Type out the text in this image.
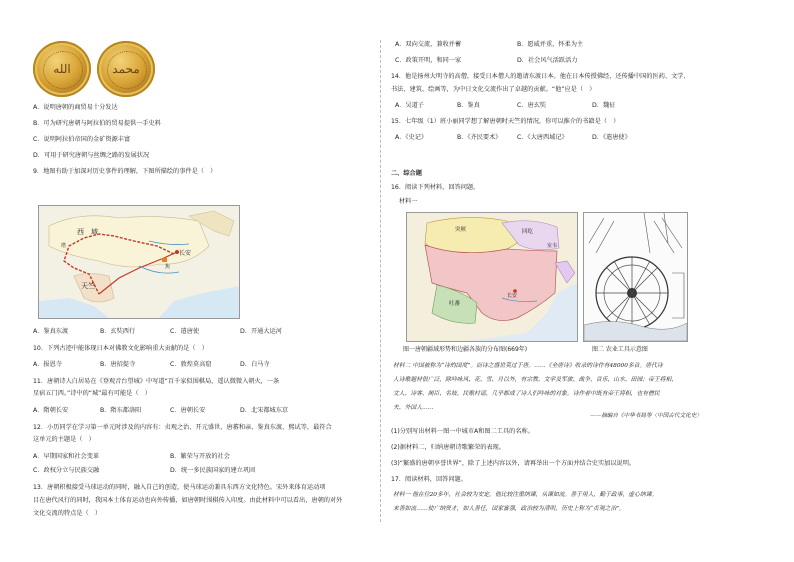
الله	محمد
A．说明唐朝的商贸易十分发达
B．可为研究唐朝与阿拉伯的贸易提供一手史料
C．说明阿拉伯帝国的金矿资源丰富
D．可用于研究唐朝与丝绸之路的发展状况
9．地图有助于加深对历史事件的理解，下图所描绘的事件是（　）
西　域
长安
天竺
塔
焦
A．鉴真东渡	B．玄奘西行	C．遣唐使	D．开通大运河
10．下列古迹中能体现日本对佛教文化影响重大贡献的是（　）
A．报恩寺	B．唐招提寺	C．敦煌莫高窟	D．白马寺
11．唐朝诗人白居易在《登观音台望城》中写道“百千家似围棋局，遥认微微入朝火，一条
星宿五门西。”诗中的“城”最有可能是（　）
A．隋朝长安	B．隋东都洛阳	C．唐朝长安	D．北宋都城东京
12．小历同学在学习第一单元时涉及的内容有：贞观之治、开元盛世、唐蕃和亲、鉴真东渡、熙试等，最符合
这单元的主题是（　）
A．早期国家和社会变革	B．繁荣与开放的社会
C．政权分立与民族交融	D．统一多民族国家的建立巩固
13．唐朝积极接受马球运动的同时，融入自己的创造，使马球运动兼具东西方文化特色。宋外来体育运动项
目在唐代风行的同时，我国本土体育运动也向外传播，如唐朝时围棋传入印度。由此材料中可以看出，唐朝的对外
文化交流的特点是（　）
A．双向交流，兼收并蓄	B．愿威并重，怀柔为主
C．政策开明，和同一家	D．社会风气活跃活力
14．他是扬州大明寺的高僧，接受日本僧人的邀请东渡日本。他在日本传授佛经，还传播中国的医药、文学、
书法、建筑、绘画等，为中日文化交流作出了卓越的贡献。“他”应是（　）
A．吴道子	B．鉴真	C．唐玄奘	D．魏征
15．七年级（1）班小丽同学想了解唐朝时天竺的情况，你可以推介的书籍是（　）
A．《史记》	B．《齐民要术》	C．《大唐西域记》	D．《遣唐使》
二、综合题
16．阅读下列材料，回答问题。
材料一
突厥	回纥
吐蕃
长安
室韦
图一唐朝疆域形势和边疆各族的分布图(669年)	图二 农业工具示意图
材料二 中国被称为“诗的国度”。而诗之盛世莫过于唐。……《全唐诗》收录的诗作有48000多首。唐代诗
人诗歌题材很广泛，除吟咏风、花、雪、月以外，有宗教、文学及军旅、战争、音乐、山水、田园；帝王将相、
文人、诗客、阁臣、名妓、民歌村谣，几乎都成了诗人们吟咏的对象。诗作者中既有帝王将相，也有僧民
夫、外国人……
——摘编自《中华书局等〈中国古代文化史〉
(1)分别写出材料一图一中城市A和图二工具的名称。
(2)据材料二，归纳唐朝诗歌繁荣的表现。
(3)“繁盛的唐朝享誉世界”，除了上述内容以外，请再举出一个方面并结合史实加以说明。
17．阅读材料，回答问题。
材料一 他在位20多年，社会较为安定。他比较注重纳谏，从谏如流。善于用人，勤于政事，虚心纳谏。
来善如流……使广纳贤才，如人善任，国家富强，政治较为清明，历史上称为“贞观之治”。
